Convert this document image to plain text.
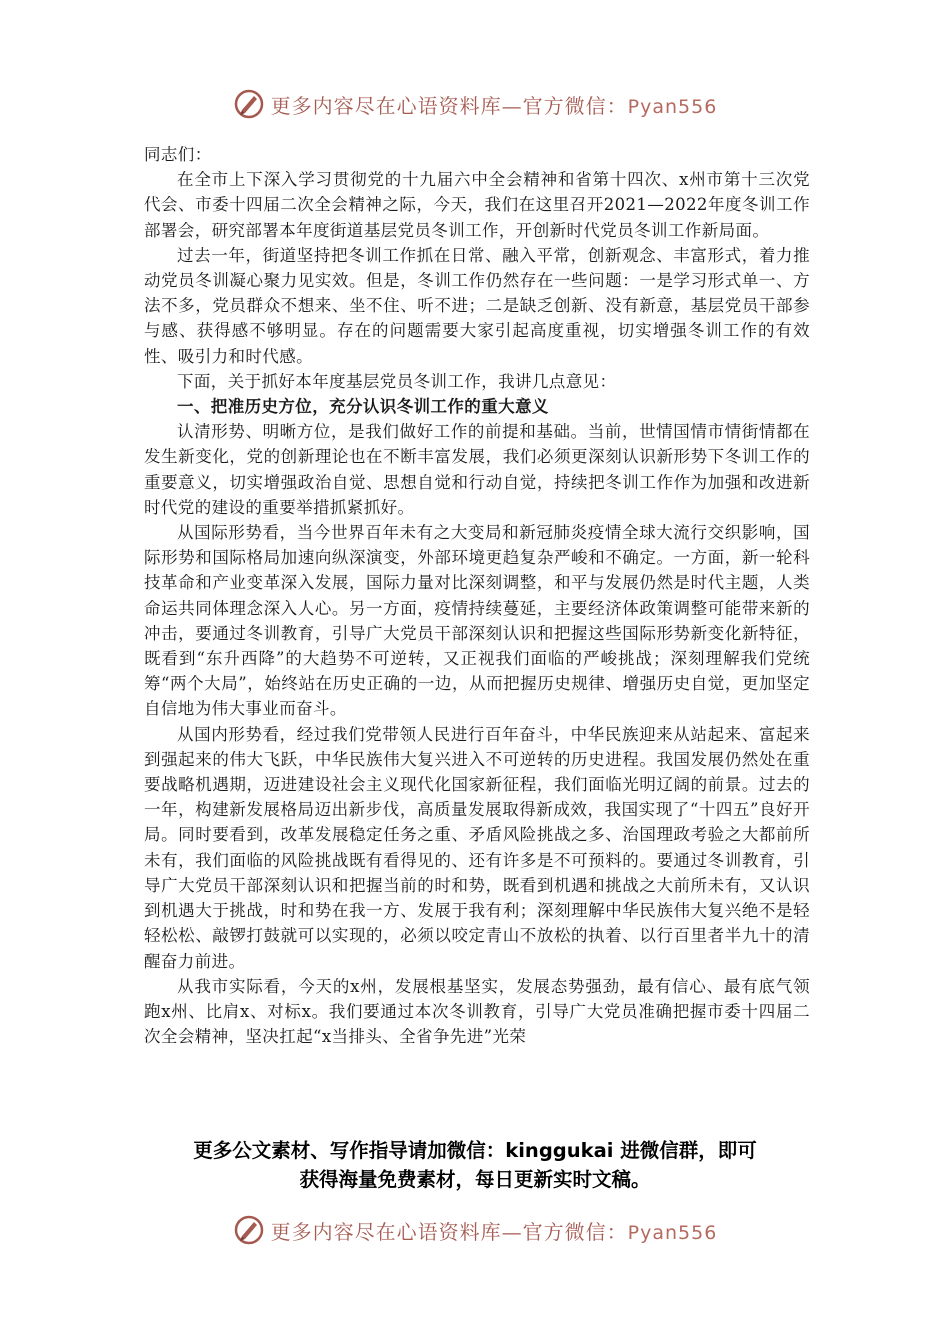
更多内容尽在心语资料库—官方微信：Pyan556

同志们：

在全市上下深入学习贯彻党的十九届六中全会精神和省第十四次、x州市第十三次党代会、市委十四届二次全会精神之际，今天，我们在这里召开2021—2022年度冬训工作部署会，研究部署本年度街道基层党员冬训工作，开创新时代党员冬训工作新局面。

过去一年，街道坚持把冬训工作抓在日常、融入平常，创新观念、丰富形式，着力推动党员冬训凝心聚力见实效。但是，冬训工作仍然存在一些问题：一是学习形式单一、方法不多，党员群众不想来、坐不住、听不进；二是缺乏创新、没有新意，基层党员干部参与感、获得感不够明显。存在的问题需要大家引起高度重视，切实增强冬训工作的有效性、吸引力和时代感。

下面，关于抓好本年度基层党员冬训工作，我讲几点意见：

一、把准历史方位，充分认识冬训工作的重大意义

认清形势、明晰方位，是我们做好工作的前提和基础。当前，世情国情市情街情都在发生新变化，党的创新理论也在不断丰富发展，我们必须更深刻认识新形势下冬训工作的重要意义，切实增强政治自觉、思想自觉和行动自觉，持续把冬训工作作为加强和改进新时代党的建设的重要举措抓紧抓好。

从国际形势看，当今世界百年未有之大变局和新冠肺炎疫情全球大流行交织影响，国际形势和国际格局加速向纵深演变，外部环境更趋复杂严峻和不确定。一方面，新一轮科技革命和产业变革深入发展，国际力量对比深刻调整，和平与发展仍然是时代主题，人类命运共同体理念深入人心。另一方面，疫情持续蔓延，主要经济体政策调整可能带来新的冲击，要通过冬训教育，引导广大党员干部深刻认识和把握这些国际形势新变化新特征，既看到“东升西降”的大趋势不可逆转，又正视我们面临的严峻挑战；深刻理解我们党统筹“两个大局”，始终站在历史正确的一边，从而把握历史规律、增强历史自觉，更加坚定自信地为伟大事业而奋斗。

从国内形势看，经过我们党带领人民进行百年奋斗，中华民族迎来从站起来、富起来到强起来的伟大飞跃，中华民族伟大复兴进入不可逆转的历史进程。我国发展仍然处在重要战略机遇期，迈进建设社会主义现代化国家新征程，我们面临光明辽阔的前景。过去的一年，构建新发展格局迈出新步伐，高质量发展取得新成效，我国实现了“十四五”良好开局。同时要看到，改革发展稳定任务之重、矛盾风险挑战之多、治国理政考验之大都前所未有，我们面临的风险挑战既有看得见的、还有许多是不可预料的。要通过冬训教育，引导广大党员干部深刻认识和把握当前的时和势，既看到机遇和挑战之大前所未有，又认识到机遇大于挑战，时和势在我一方、发展于我有利；深刻理解中华民族伟大复兴绝不是轻轻松松、敲锣打鼓就可以实现的，必须以咬定青山不放松的执着、以行百里者半九十的清醒奋力前进。

从我市实际看，今天的x州，发展根基坚实，发展态势强劲，最有信心、最有底气领跑x州、比肩x、对标x。我们要通过本次冬训教育，引导广大党员准确把握市委十四届二次全会精神，坚决扛起“x当排头、全省争先进”光荣

更多公文素材、写作指导请加微信：kinggukai 进微信群，即可
获得海量免费素材，每日更新实时文稿。
更多内容尽在心语资料库—官方微信：Pyan556
